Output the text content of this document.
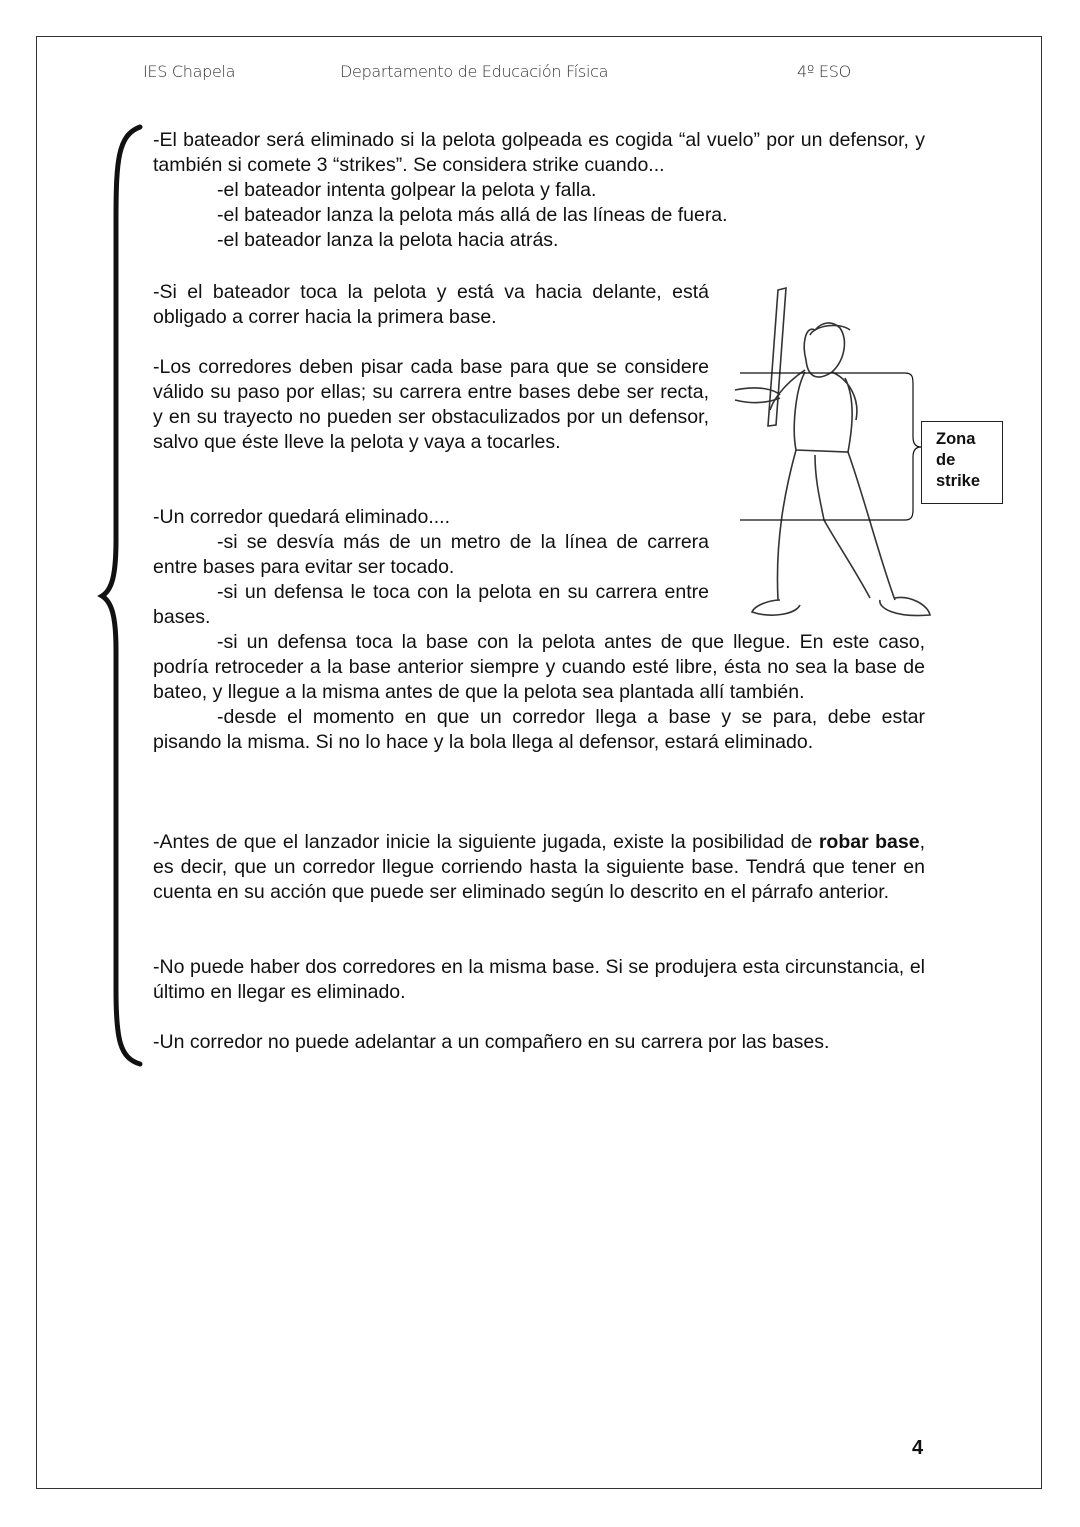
IES Chapela	Departamento de Educación Física	4º ESO
Zona
de
strike
-El bateador será eliminado si la pelota golpeada es cogida “al vuelo” por un defensor, y también si comete 3 “strikes”. Se considera strike cuando...
-el bateador intenta golpear la pelota y falla.
-el bateador lanza la pelota más allá de las líneas de fuera.
-el bateador lanza la pelota hacia atrás.

-Si el bateador toca la pelota y está va hacia delante, está obligado a correr hacia la primera base.

-Los corredores deben pisar cada base para que se considere válido su paso por ellas; su carrera entre bases debe ser recta, y en su trayecto no pueden ser obstaculizados por un defensor, salvo que éste lleve la pelota y vaya a tocarles.

-Un corredor quedará eliminado....
-si se desvía más de un metro de la línea de carrera entre bases para evitar ser tocado.
-si un defensa le toca con la pelota en su carrera entre bases.
-si un defensa toca la base con la pelota antes de que llegue. En este caso, podría retroceder a la base anterior siempre y cuando esté libre, ésta no sea la base de bateo, y llegue a la misma antes de que la pelota sea plantada allí también.
-desde el momento en que un corredor llega a base y se para, debe estar pisando la misma. Si no lo hace y la bola llega al defensor, estará eliminado.

-Antes de que el lanzador inicie la siguiente jugada, existe la posibilidad de robar base, es decir, que un corredor llegue corriendo hasta la siguiente base. Tendrá que tener en cuenta en su acción que puede ser eliminado según lo descrito en el párrafo anterior.

-No puede haber dos corredores en la misma base. Si se produjera esta circunstancia, el último en llegar es eliminado.

-Un corredor no puede adelantar a un compañero en su carrera por las bases.

4
